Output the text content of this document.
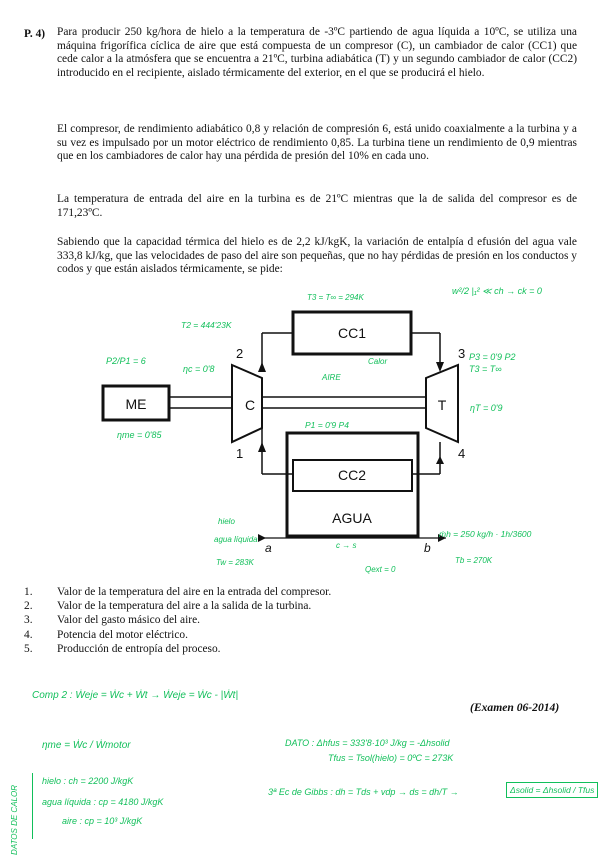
P. 4) Para producir 250 kg/hora de hielo a la temperatura de -3ºC partiendo de agua líquida a 10ºC, se utiliza una máquina frigorífica cíclica de aire que está compuesta de un compresor (C), un cambiador de calor (CC1) que cede calor a la atmósfera que se encuentra a 21ºC, turbina adiabática (T) y un segundo cambiador de calor (CC2) introducido en el recipiente, aislado térmicamente del exterior, en el que se producirá el hielo.
El compresor, de rendimiento adiabático 0,8 y relación de compresión 6, está unido coaxialmente a la turbina y a su vez es impulsado por un motor eléctrico de rendimiento 0,85. La turbina tiene un rendimiento de 0,9 mientras que en los cambiadores de calor hay una pérdida de presión del 10% en cada uno.
La temperatura de entrada del aire en la turbina es de 21ºC mientras que la de salida del compresor es de 171,23ºC.
Sabiendo que la capacidad térmica del hielo es de 2,2 kJ/kgK, la variación de entalpía d efusión del agua vale 333,8 kJ/kg, que las velocidades de paso del aire son pequeñas, que no hay pérdidas de presión en los conductos y codos y que están aislados térmicamente, se pide:
CC1
CC2
AGUA
ME	C	T
1
2	3
4
a	b
T3 = T∞ = 294K
T2 = 444'23K
P2/P1 = 6
ηc = 0'8
ηme = 0'85
P3 = 0'9 P2
T3 = T∞
ηT = 0'9
P1 = 0'9 P4
w²/2 |₁² ≪ ch → ck = 0
Calor
AIRE
hielo
agua líquida
Tw = 283K
ṁh = 250 kg/h · 1h/3600
Tb = 270K
c → s
Qext = 0
1. Valor de la temperatura del aire en la entrada del compresor.
2. Valor de la temperatura del aire a la salida de la turbina.
3. Valor del gasto másico del aire.
4. Potencia del motor eléctrico.
5. Producción de entropía del proceso.
(Examen 06-2014)
Comp 2 : Ẇeje = Ẇc + Ẇt → Ẇeje = Ẇc - |Ẇt|
ηme = Ẇc / Ẇmotor	DATO : Δhfus = 333'8·10³ J/kg = -Δhsolid
Tfus = Tsol(hielo) = 0ºC = 273K
DATOS DE CALOR
hielo : ch = 2200 J/kgK
agua líquida : cp = 4180 J/kgK
aire : cp = 10³ J/kgK
3ª Ec de Gibbs : dh = Tds + vdp → ds = dh/T →	Δsolid = Δhsolid / Tfus
